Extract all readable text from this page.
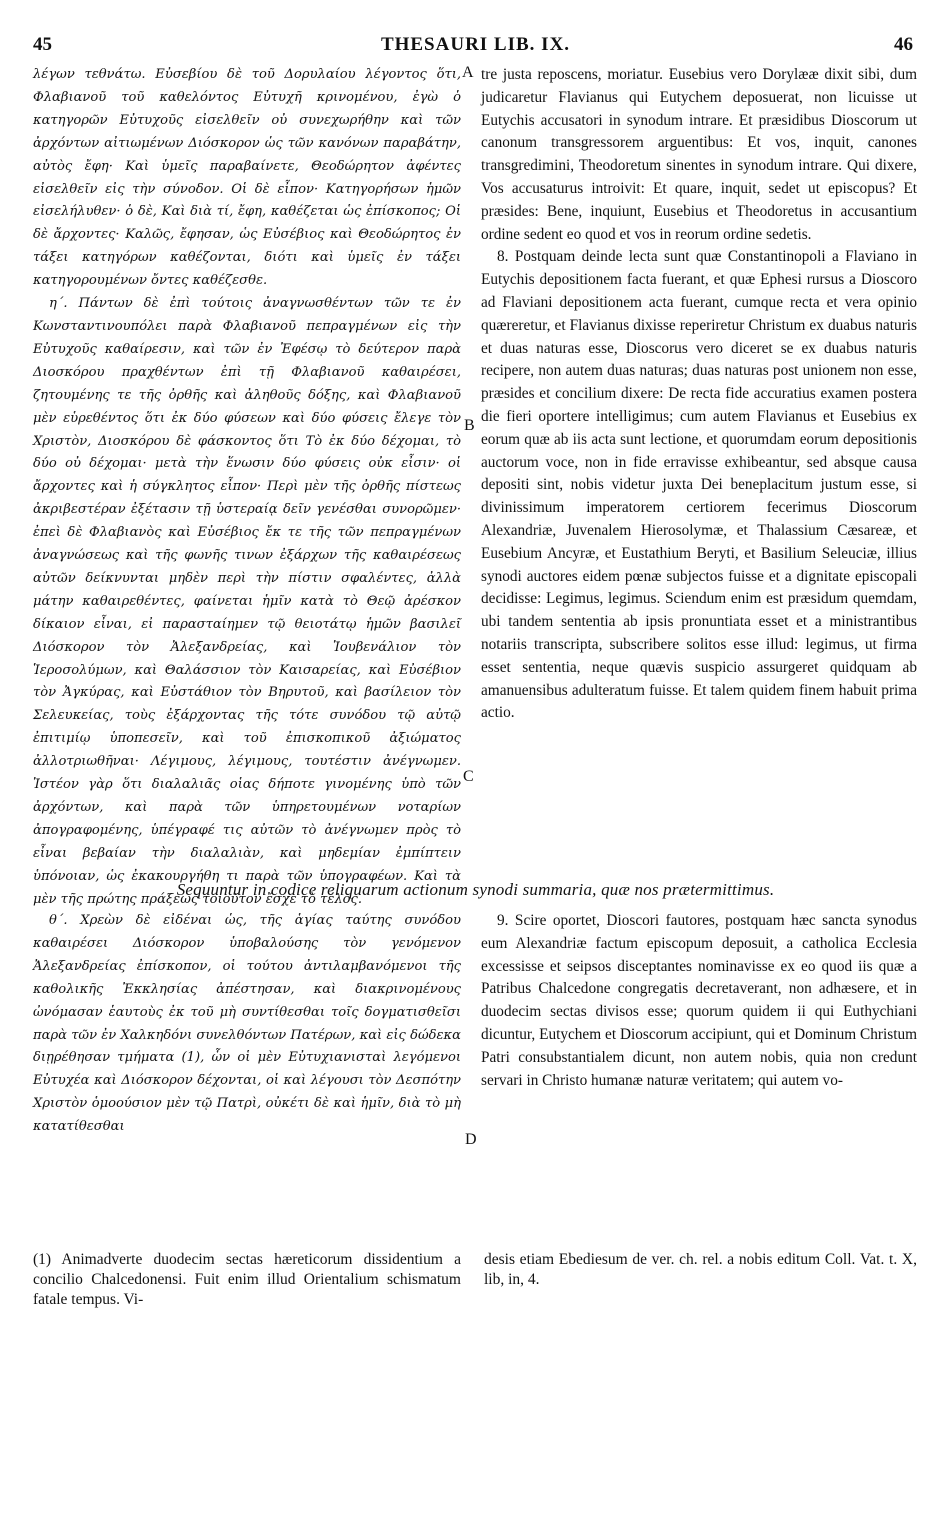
45	THESAURI LIB. IX.	46

λέγων τεθνάτω. Εὐσεβίου δὲ τοῦ Δορυλαίου λέγοντος ὅτι, Φλαβιανοῦ τοῦ καθελόντος Εὐτυχῆ κρινομένου, ἐγὼ ὁ κατηγορῶν Εὐτυχοῦς εἰσελθεῖν οὐ συνεχωρήθην καὶ τῶν ἀρχόντων αἰτιωμένων Διόσκορον ὡς τῶν κανόνων παραβάτην, αὐτὸς ἔφη· Καὶ ὑμεῖς παραβαίνετε, Θεοδώρητον ἀφέντες εἰσελθεῖν εἰς τὴν σύνοδον. Οἱ δὲ εἶπον· Κατηγορήσων ἡμῶν εἰσελήλυθεν· ὁ δὲ, Καὶ διὰ τί, ἔφη, καθέζεται ὡς ἐπίσκοπος; Οἱ δὲ ἄρχοντες· Καλῶς, ἔφησαν, ὡς Εὐσέβιος καὶ Θεοδώρητος ἐν τάξει κατηγόρων καθέζονται, διότι καὶ ὑμεῖς ἐν τάξει κατηγορουμένων ὄντες καθέζεσθε.

η´. Πάντων δὲ ἐπὶ τούτοις ἀναγνωσθέντων τῶν τε ἐν Κωνσταντινουπόλει παρὰ Φλαβιανοῦ πεπραγμένων εἰς τὴν Εὐτυχοῦς καθαίρεσιν, καὶ τῶν ἐν Ἐφέσῳ τὸ δεύτερον παρὰ Διοσκόρου πραχθέντων ἐπὶ τῇ Φλαβιανοῦ καθαιρέσει, ζητουμένης τε τῆς ὀρθῆς καὶ ἀληθοῦς δόξης, καὶ Φλαβιανοῦ μὲν εὑρεθέντος ὅτι ἐκ δύο φύσεων καὶ δύο φύσεις ἔλεγε τὸν Χριστὸν, Διοσκόρου δὲ φάσκοντος ὅτι Τὸ ἐκ δύο δέχομαι, τὸ δύο οὐ δέχομαι· μετὰ τὴν ἕνωσιν δύο φύσεις οὐκ εἶσιν· οἱ ἄρχοντες καὶ ἡ σύγκλητος εἶπον· Περὶ μὲν τῆς ὀρθῆς πίστεως ἀκριβεστέραν ἐξέτασιν τῇ ὑστεραίᾳ δεῖν γενέσθαι συνορῶμεν· ἐπεὶ δὲ Φλαβιανὸς καὶ Εὐσέβιος ἔκ τε τῆς τῶν πεπραγμένων ἀναγνώσεως καὶ τῆς φωνῆς τινων ἐξάρχων τῆς καθαιρέσεως αὐτῶν δείκνυνται μηδὲν περὶ τὴν πίστιν σφαλέντες, ἀλλὰ μάτην καθαιρεθέντες, φαίνεται ἡμῖν κατὰ τὸ Θεῷ ἀρέσκον δίκαιον εἶναι, εἰ παρασταίημεν τῷ θειοτάτῳ ἡμῶν βασιλεῖ Διόσκορον τὸν Ἀλεξανδρείας, καὶ Ἰουβενάλιον τὸν Ἱεροσολύμων, καὶ Θαλάσσιον τὸν Καισαρείας, καὶ Εὐσέβιον τὸν Ἀγκύρας, καὶ Εὐστάθιον τὸν Βηρυτοῦ, καὶ βασίλειον τὸν Σελευκείας, τοὺς ἐξάρχοντας τῆς τότε συνόδου τῷ αὐτῷ ἐπιτιμίῳ ὑποπεσεῖν, καὶ τοῦ ἐπισκοπικοῦ ἀξιώματος ἀλλοτριωθῆναι· Λέγιμους, λέγιμους, τουτέστιν ἀνέγνωμεν. Ἰστέον γὰρ ὅτι διαλαλιᾶς οἱας δήποτε γινομένης ὑπὸ τῶν ἀρχόντων, καὶ παρὰ τῶν ὑπηρετουμένων νοταρίων ἀπογραφομένης, ὑπέγραφέ τις αὐτῶν τὸ ἀνέγνωμεν πρὸς τὸ εἶναι βεβαίαν τὴν διαλαλιὰν, καὶ μηδεμίαν ἐμπίπτειν ὑπόνοιαν, ὡς ἐκακουργήθη τι παρὰ τῶν ὑπογραφέων. Καὶ τὰ μὲν τῆς πρώτης πράξεως τοιοῦτον ἔσχε τὸ τέλος.

A
B
C
D

tre justa reposcens, moriatur. Eusebius vero Dorylææ dixit sibi, dum judicaretur Flavianus qui Eutychem deposuerat, non licuisse ut Eutychis accusatori in synodum intrare. Et præsidibus Dioscorum ut canonum transgressorem arguentibus: Et vos, inquit, canones transgredimini, Theodoretum sinentes in synodum intrare. Qui dixere, Vos accusaturus introivit: Et quare, inquit, sedet ut episcopus? Et præsides: Bene, inquiunt, Eusebius et Theodoretus in accusantium ordine sedent eo quod et vos in reorum ordine sedetis.

8. Postquam deinde lecta sunt quæ Constantinopoli a Flaviano in Eutychis depositionem facta fuerant, et quæ Ephesi rursus a Dioscoro ad Flaviani depositionem acta fuerant, cumque recta et vera opinio quæreretur, et Flavianus dixisse reperiretur Christum ex duabus naturis et duas naturas esse, Dioscorus vero diceret se ex duabus naturis recipere, non autem duas naturas; duas naturas post unionem non esse, præsides et concilium dixere: De recta fide accuratius examen postera die fieri oportere intelligimus; cum autem Flavianus et Eusebius ex eorum quæ ab iis acta sunt lectione, et quorumdam eorum depositionis auctorum voce, non in fide erravisse exhibeantur, sed absque causa depositi sint, nobis videtur juxta Dei beneplacitum justum esse, si divinissimum imperatorem certiorem fecerimus Dioscorum Alexandriæ, Juvenalem Hierosolymæ, et Thalassium Cæsareæ, et Eusebium Ancyræ, et Eustathium Beryti, et Basilium Seleuciæ, illius synodi auctores eidem pœnæ subjectos fuisse et a dignitate episcopali decidisse: Legimus, legimus. Sciendum enim est præsidum quemdam, ubi tandem sententia ab ipsis pronuntiata esset et a ministrantibus notariis transcripta, subscribere solitos esse illud: legimus, ut firma esset sententia, neque quævis suspicio assurgeret quidquam ab amanuensibus adulteratum fuisse. Et talem quidem finem habuit prima actio.

Sequuntur in codice reliquarum actionum synodi summaria, quæ nos prætermittimus.

θ´. Χρεὼν δὲ εἰδέναι ὡς, τῆς ἁγίας ταύτης συνόδου καθαιρέσει Διόσκορον ὑποβαλούσης τὸν γενόμενον Ἀλεξανδρείας ἐπίσκοπον, οἱ τούτου ἀντιλαμβανόμενοι τῆς καθολικῆς Ἐκκλησίας ἀπέστησαν, καὶ διακρινομένους ὠνόμασαν ἑαυτοὺς ἐκ τοῦ μὴ συντίθεσθαι τοῖς δογματισθεῖσι παρὰ τῶν ἐν Χαλκηδόνι συνελθόντων Πατέρων, καὶ εἰς δώδεκα διῃρέθησαν τμήματα (1), ὧν οἱ μὲν Εὐτυχιανισταὶ λεγόμενοι Εὐτυχέα καὶ Διόσκορον δέχονται, οἱ καὶ λέγουσι τὸν Δεσπότην Χριστὸν ὁμοούσιον μὲν τῷ Πατρὶ, οὐκέτι δὲ καὶ ἡμῖν, διὰ τὸ μὴ κατατίθεσθαι

9. Scire oportet, Dioscori fautores, postquam hæc sancta synodus eum Alexandriæ factum episcopum deposuit, a catholica Ecclesia excessisse et seipsos disceptantes nominavisse ex eo quod iis quæ a Patribus Chalcedone congregatis decretaverant, non adhæsere, et in duodecim sectas divisos esse; quorum quidem ii qui Euthychiani dicuntur, Eutychem et Dioscorum accipiunt, qui et Dominum Christum Patri consubstantialem dicunt, non autem nobis, quia non credunt servari in Christo humanæ naturæ veritatem; qui autem vo-

(1) Animadverte duodecim sectas hæreticorum dissidentium a concilio Chalcedonensi. Fuit enim illud Orientalium schismatum fatale tempus. Vi-
desis etiam Ebediesum de ver. ch. rel. a nobis editum Coll. Vat. t. X, lib, in, 4.
